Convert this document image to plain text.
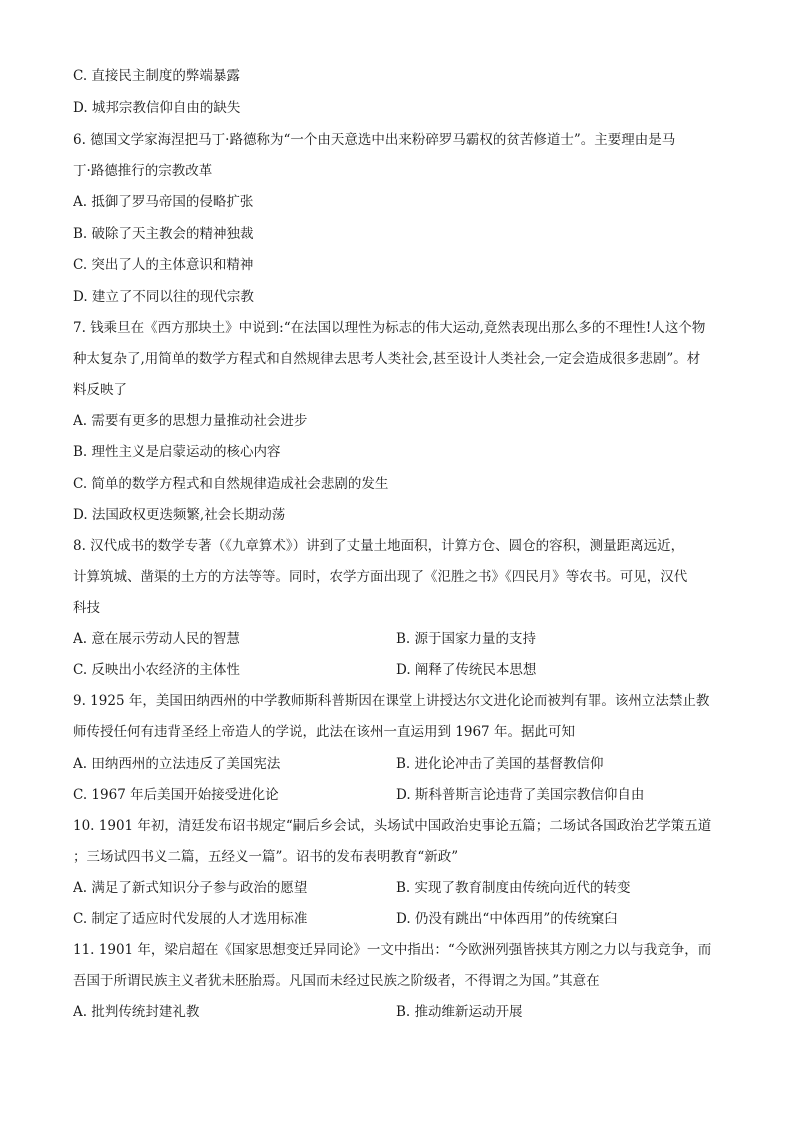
C. 直接民主制度的弊端暴露
D. 城邦宗教信仰自由的缺失
6. 德国文学家海涅把马丁·路德称为“一个由天意选中出来粉碎罗马霸权的贫苦修道士”。主要理由是马
丁·路德推行的宗教改革
A. 抵御了罗马帝国的侵略扩张
B. 破除了天主教会的精神独裁
C. 突出了人的主体意识和精神
D. 建立了不同以往的现代宗教
7. 钱乘旦在《西方那块土》中说到:“在法国以理性为标志的伟大运动,竟然表现出那么多的不理性!人这个物
种太复杂了,用简单的数学方程式和自然规律去思考人类社会,甚至设计人类社会,一定会造成很多悲剧”。材
料反映了
A. 需要有更多的思想力量推动社会进步
B. 理性主义是启蒙运动的核心内容
C. 简单的数学方程式和自然规律造成社会悲剧的发生
D. 法国政权更迭频繁,社会长期动荡
8. 汉代成书的数学专著（《九章算术》）讲到了丈量土地面积，计算方仓、圆仓的容积，测量距离远近，
计算筑城、凿渠的土方的方法等等。同时，农学方面出现了《氾胜之书》《四民月》等农书。可见，汉代
科技
A. 意在展示劳动人民的智慧	B. 源于国家力量的支持
C. 反映出小农经济的主体性	D. 阐释了传统民本思想
9. 1925 年，美国田纳西州的中学教师斯科普斯因在课堂上讲授达尔文进化论而被判有罪。该州立法禁止教
师传授任何有违背圣经上帝造人的学说，此法在该州一直运用到 1967 年。据此可知
A. 田纳西州的立法违反了美国宪法	B. 进化论冲击了美国的基督教信仰
C. 1967 年后美国开始接受进化论	D. 斯科普斯言论违背了美国宗教信仰自由
10. 1901 年初，清廷发布诏书规定“嗣后乡会试，头场试中国政治史事论五篇；二场试各国政治艺学策五道
；三场试四书义二篇，五经义一篇”。诏书的发布表明教育“新政”
A. 满足了新式知识分子参与政治的愿望	B. 实现了教育制度由传统向近代的转变
C. 制定了适应时代发展的人才选用标准	D. 仍没有跳出“中体西用”的传统窠臼
11. 1901 年，梁启超在《国家思想变迁异同论》一文中指出：“今欧洲列强皆挟其方刚之力以与我竞争，而
吾国于所谓民族主义者犹未胚胎焉。凡国而未经过民族之阶级者，不得谓之为国。”其意在
A. 批判传统封建礼教	B. 推动维新运动开展
